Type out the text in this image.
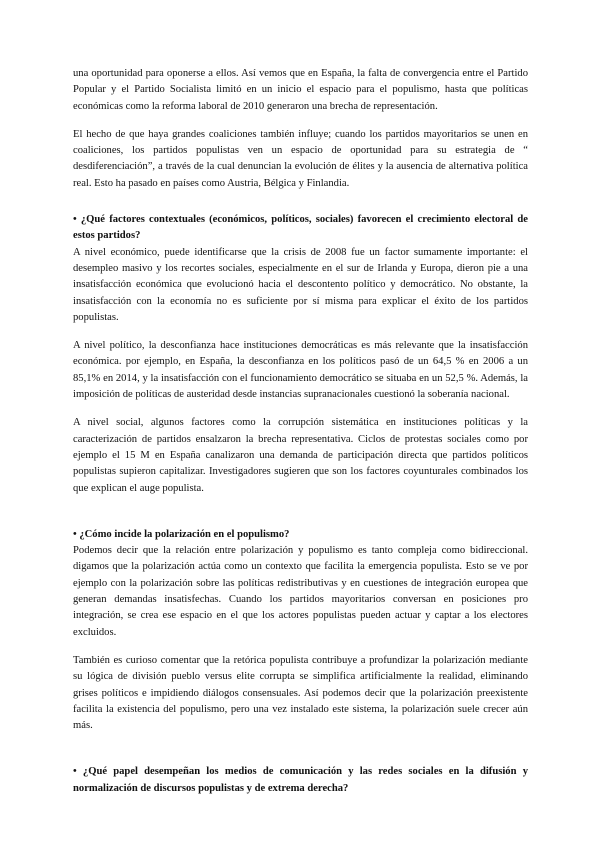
una oportunidad para oponerse a ellos. Así vemos que en España, la falta de convergencia entre el Partido Popular y el Partido Socialista limitó en un inicio el espacio para el populismo, hasta que políticas económicas como la reforma laboral de 2010 generaron una brecha de representación.

El hecho de que haya grandes coaliciones también influye; cuando los partidos mayoritarios se unen en coaliciones, los partidos populistas ven un espacio de oportunidad para su estrategia de “ desdiferenciación”, a través de la cual denuncian la evolución de élites y la ausencia de alternativa política real. Esto ha pasado en países como Austria, Bélgica y Finlandia.

• ¿Qué factores contextuales (económicos, políticos, sociales) favorecen el crecimiento electoral de estos partidos?

A nivel económico, puede identificarse que la crisis de 2008 fue un factor sumamente importante: el desempleo masivo y los recortes sociales, especialmente en el sur de Irlanda y Europa, dieron pie a una insatisfacción económica que evolucionó hacia el descontento político y democrático. No obstante, la insatisfacción con la economía no es suficiente por sí misma para explicar el éxito de los partidos populistas.

A nivel político, la desconfianza hace instituciones democráticas es más relevante que la insatisfacción económica. por ejemplo, en España, la desconfianza en los políticos pasó de un 64,5 % en 2006 a un 85,1% en 2014, y la insatisfacción con el funcionamiento democrático se situaba en un 52,5 %. Además, la imposición de políticas de austeridad desde instancias supranacionales cuestionó la soberanía nacional.

A nivel social, algunos factores como la corrupción sistemática en instituciones políticas y la caracterización de partidos ensalzaron la brecha representativa. Ciclos de protestas sociales como por ejemplo el 15 M en España canalizaron una demanda de participación directa que partidos políticos populistas supieron capitalizar. Investigadores sugieren que son los factores coyunturales combinados los que explican el auge populista.

• ¿Cómo incide la polarización en el populismo?

Podemos decir que la relación entre polarización y populismo es tanto compleja como bidireccional. digamos que la polarización actúa como un contexto que facilita la emergencia populista. Esto se ve por ejemplo con la polarización sobre las políticas redistributivas y en cuestiones de integración europea que generan demandas insatisfechas. Cuando los partidos mayoritarios conversan en posiciones pro integración, se crea ese espacio en el que los actores populistas pueden actuar y captar a los electores excluidos.

También es curioso comentar que la retórica populista contribuye a profundizar la polarización mediante su lógica de división pueblo versus elite corrupta se simplifica artificialmente la realidad, eliminando grises políticos e impidiendo diálogos consensuales. Así podemos decir que la polarización preexistente facilita la existencia del populismo, pero una vez instalado este sistema, la polarización suele crecer aún más.

• ¿Qué papel desempeñan los medios de comunicación y las redes sociales en la difusión y normalización de discursos populistas y de extrema derecha?
